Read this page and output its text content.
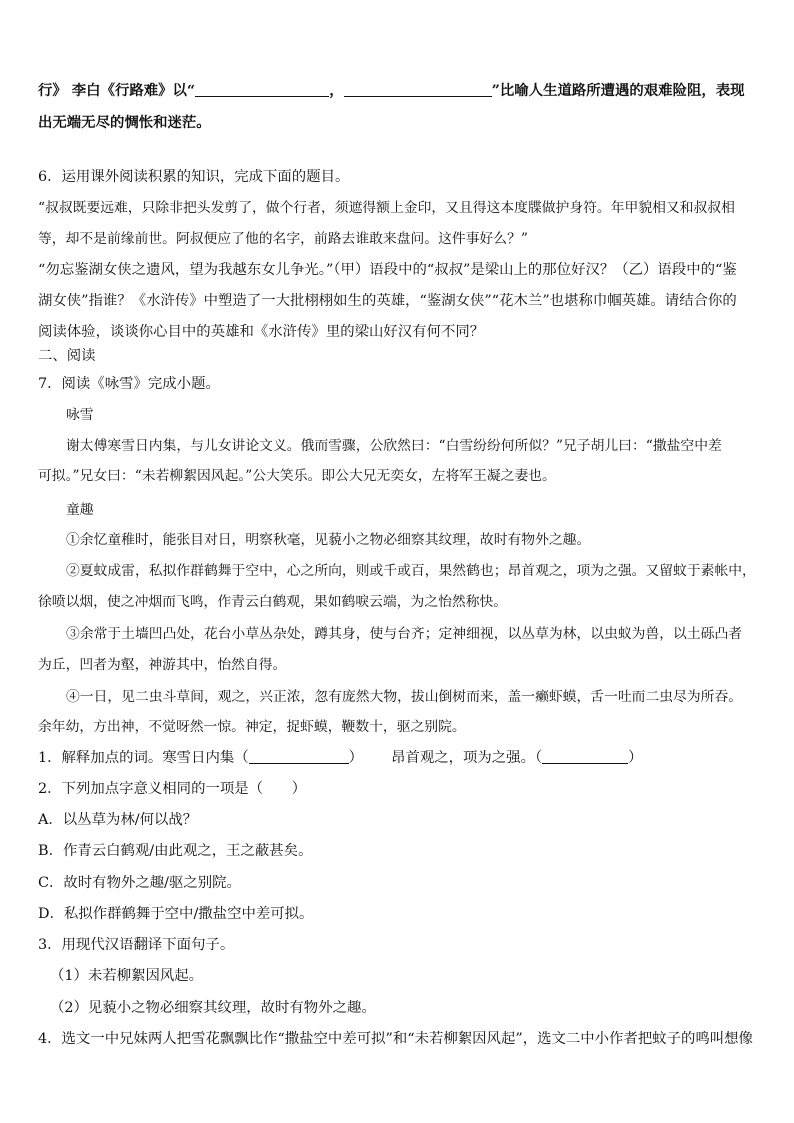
行》 李白《行路难》以“	，	”比喻人生道路所遭遇的艰难险阻，表现
出无端无尽的惆怅和迷茫。
6．运用课外阅读积累的知识，完成下面的题目。
“叔叔既要远难，只除非把头发剪了，做个行者，须遮得额上金印，又且得这本度牒做护身符。年甲貌相又和叔叔相
等，却不是前缘前世。阿叔便应了他的名字，前路去谁敢来盘问。这件事好么？”
“勿忘鉴湖女侠之遗风，望为我越东女儿争光。”（甲）语段中的“叔叔”是梁山上的那位好汉？（乙）语段中的“鉴
湖女侠”指谁？《水浒传》中塑造了一大批栩栩如生的英雄，“鉴湖女侠”“花木兰”也堪称巾帼英雄。请结合你的
阅读体验，谈谈你心目中的英雄和《水浒传》里的梁山好汉有何不同？
二、阅读
7．阅读《咏雪》完成小题。
咏雪
谢太傅寒雪日内集，与儿女讲论文义。俄而雪骤，公欣然曰：“白雪纷纷何所似？”兄子胡儿曰：“撒盐空中差
可拟。”兄女曰：“未若柳絮因风起。”公大笑乐。即公大兄无奕女，左将军王凝之妻也。
童趣
①余忆童稚时，能张目对日，明察秋毫，见藐小之物必细察其纹理，故时有物外之趣。
②夏蚊成雷，私拟作群鹤舞于空中，心之所向，则或千或百，果然鹤也；昂首观之，项为之强。又留蚊于素帐中，
徐喷以烟，使之冲烟而飞鸣，作青云白鹤观，果如鹤唳云端，为之怡然称快。
③余常于土墙凹凸处，花台小草丛杂处，蹲其身，使与台齐；定神细视，以丛草为林，以虫蚁为兽，以土砾凸者
为丘，凹者为壑，神游其中，怡然自得。
④一日，见二虫斗草间，观之，兴正浓，忽有庞然大物，拔山倒树而来，盖一癞虾蟆，舌一吐而二虫尽为所吞。
余年幼，方出神，不觉呀然一惊。神定，捉虾蟆，鞭数十，驱之别院。
1．解释加点的词。寒雪日内集（	） 昂首观之，项为之强。（	）
2．下列加点字意义相同的一项是（　　）
A．以丛草为林/何以战？
B．作青云白鹤观/由此观之，王之蔽甚矣。
C．故时有物外之趣/驱之别院。
D．私拟作群鹤舞于空中/撒盐空中差可拟。
3．用现代汉语翻译下面句子。
（1）未若柳絮因风起。
（2）见藐小之物必细察其纹理，故时有物外之趣。
4．选文一中兄妹两人把雪花飘飘比作“撒盐空中差可拟”和“未若柳絮因风起”，选文二中小作者把蚊子的鸣叫想像
